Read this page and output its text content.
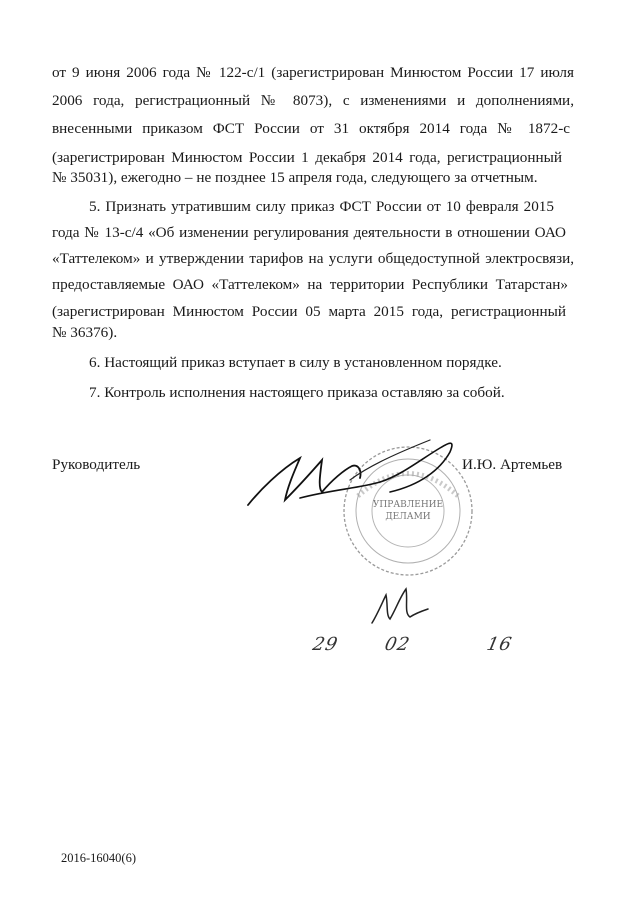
от 9 июня 2006 года № 122-с/1 (зарегистрирован Минюстом России 17 июля
2006 года, регистрационный № 8073), с изменениями и дополнениями,
внесенными приказом ФСТ России от 31 октября 2014 года № 1872-с
(зарегистрирован Минюстом России 1 декабря 2014 года, регистрационный
№ 35031), ежегодно – не позднее 15 апреля года, следующего за отчетным.
5. Признать утратившим силу приказ ФСТ России от 10 февраля 2015
года № 13-с/4 «Об изменении регулирования деятельности в отношении ОАО
«Таттелеком» и утверждении тарифов на услуги общедоступной электросвязи,
предоставляемые ОАО «Таттелеком» на территории Республики Татарстан»
(зарегистрирован Минюстом России 05 марта 2015 года, регистрационный
№ 36376).
6. Настоящий приказ вступает в силу в установленном порядке.
7. Контроль исполнения настоящего приказа оставляю за собой.
Руководитель	И.Ю. Артемьев
УПРАВЛЕНИЕ
ДЕЛАМИ
29 02	16
2016-16040(6)
